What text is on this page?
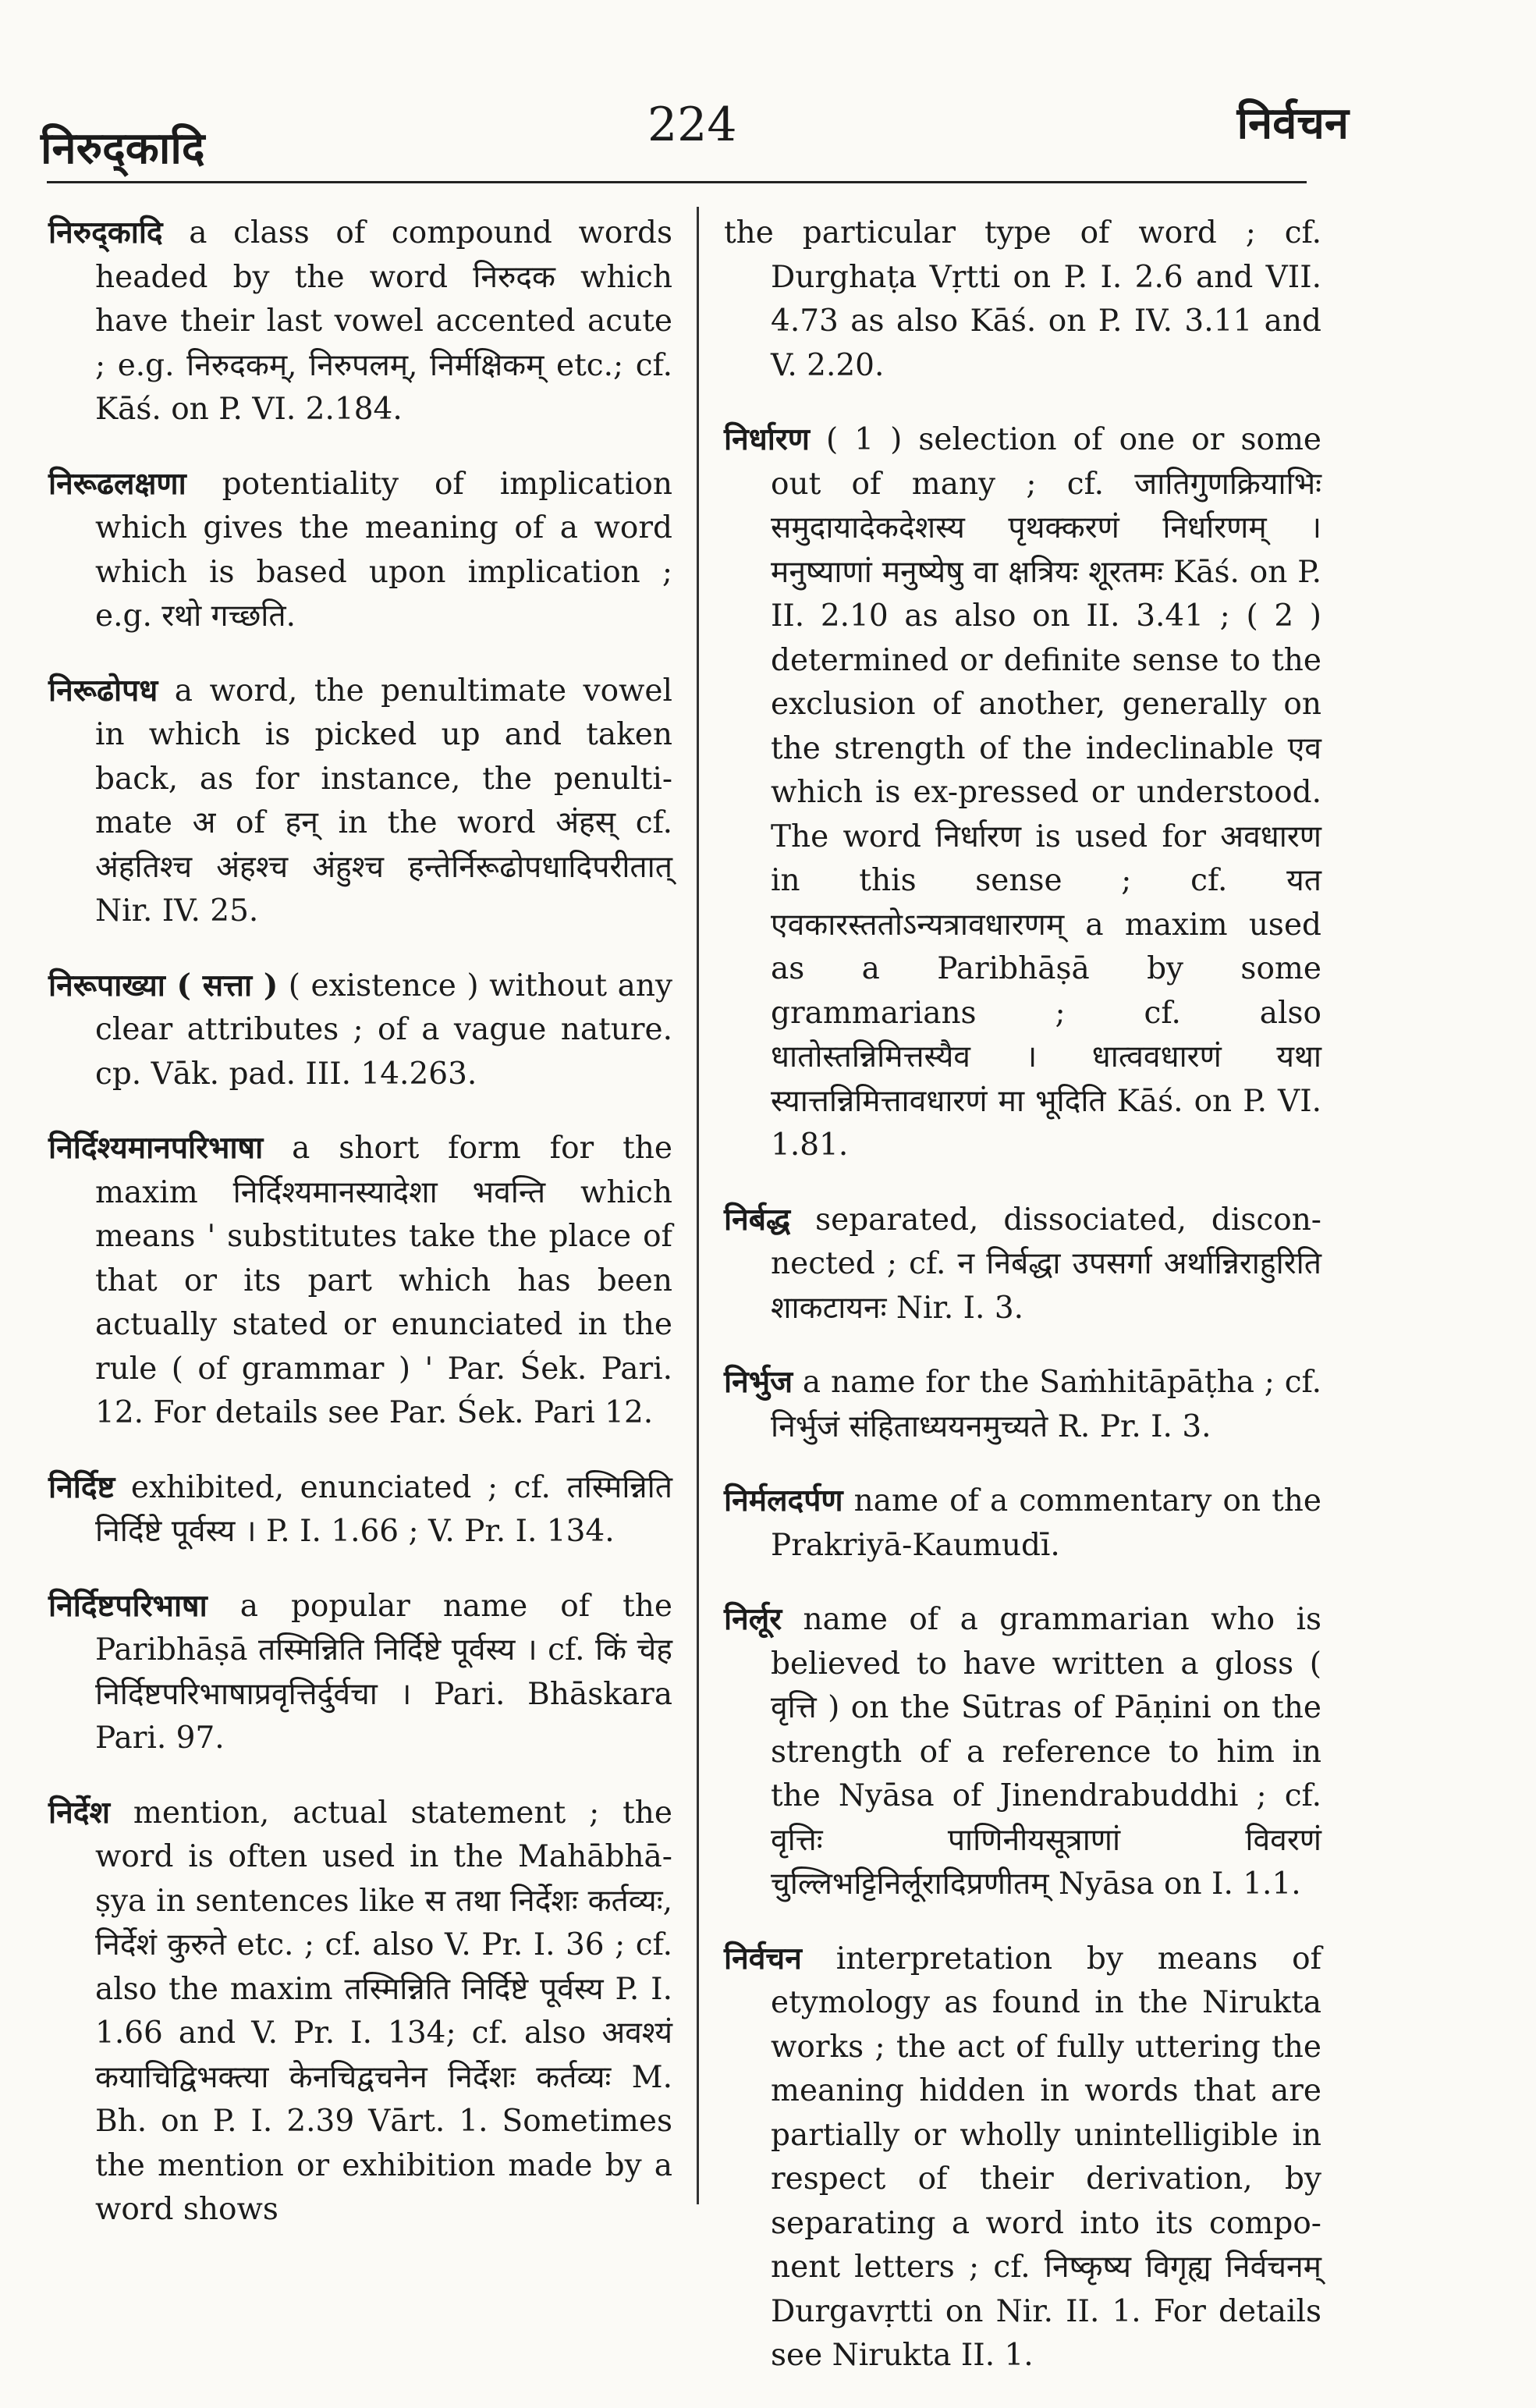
निरुद्कादि	224	निर्वचन

निरुद्कादि a class of compound words headed by the word निरुदक which have their last vowel accented acute ; e.g. निरुदकम्, निरुपलम्, निर्मक्षिकम् etc.; cf. Kāś. on P. VI. 2.184.

निरूढलक्षणा potentiality of implication which gives the meaning of a word which is based upon implication ; e.g. रथो गच्छति.

निरूढोपध a word, the penultimate vowel in which is picked up and taken back, as for instance, the penulti-mate अ of हन् in the word अंहस् cf. अंहतिश्च अंहश्च अंहुश्च हन्तेर्निरूढोपधादिपरीतात् Nir. IV. 25.

निरूपाख्या ( सत्ता ) ( existence ) without any clear attributes ; of a vague nature. cp. Vāk. pad. III. 14.263.

निर्दिश्यमानपरिभाषा a short form for the maxim निर्दिश्यमानस्यादेशा भवन्ति which means ' substitutes take the place of that or its part which has been actually stated or enunciated in the rule ( of grammar ) ' Par. Śek. Pari. 12. For details see Par. Śek. Pari 12.

निर्दिष्ट exhibited, enunciated ; cf. तस्मिन्निति निर्दिष्टे पूर्वस्य । P. I. 1.66 ; V. Pr. I. 134.

निर्दिष्टपरिभाषा a popular name of the Paribhāṣā तस्मिन्निति निर्दिष्टे पूर्वस्य । cf. किं चेह निर्दिष्टपरिभाषाप्रवृत्तिर्दुर्वचा । Pari. Bhāskara Pari. 97.

निर्देश mention, actual statement ; the word is often used in the Mahābhā-ṣya in sentences like स तथा निर्देशः कर्तव्यः, निर्देशं कुरुते etc. ; cf. also V. Pr. I. 36 ; cf. also the maxim तस्मिन्निति निर्दिष्टे पूर्वस्य P. I. 1.66 and V. Pr. I. 134; cf. also अवश्यं कयाचिद्विभक्त्या केनचिद्वचनेन निर्देशः कर्तव्यः M. Bh. on P. I. 2.39 Vārt. 1. Sometimes the mention or exhibition made by a word shows

the particular type of word ; cf. Durghaṭa Vṛtti on P. I. 2.6 and VII. 4.73 as also Kāś. on P. IV. 3.11 and V. 2.20.

निर्धारण ( 1 ) selection of one or some out of many ; cf. जातिगुणक्रियाभिः समुदायादेकदेशस्य पृथक्करणं निर्धारणम् । मनुष्याणां मनुष्येषु वा क्षत्रियः शूरतमः Kāś. on P. II. 2.10 as also on II. 3.41 ; ( 2 ) determined or definite sense to the exclusion of another, generally on the strength of the indeclinable एव which is ex-pressed or understood. The word निर्धारण is used for अवधारण in this sense ; cf. यत एवकारस्ततोऽन्यत्रावधारणम् a maxim used as a Paribhāṣā by some grammarians ; cf. also धातोस्तन्निमित्तस्यैव । धात्ववधारणं यथा स्यात्तन्निमित्तावधारणं मा भूदिति Kāś. on P. VI. 1.81.

निर्बद्ध separated, dissociated, discon-nected ; cf. न निर्बद्धा उपसर्गा अर्थान्निराहुरिति शाकटायनः Nir. I. 3.

निर्भुज a name for the Saṁhitāpāṭha ; cf. निर्भुजं संहिताध्ययनमुच्यते R. Pr. I. 3.

निर्मलदर्पण name of a commentary on the Prakriyā-Kaumudī.

निर्लूर name of a grammarian who is believed to have written a gloss ( वृत्ति ) on the Sūtras of Pāṇini on the strength of a reference to him in the Nyāsa of Jinendrabuddhi ; cf. वृत्तिः पाणिनीयसूत्राणां विवरणं चुल्लिभट्टिनिर्लूरादिप्रणीतम् Nyāsa on I. 1.1.

निर्वचन interpretation by means of etymology as found in the Nirukta works ; the act of fully uttering the meaning hidden in words that are partially or wholly unintelligible in respect of their derivation, by separating a word into its compo-nent letters ; cf. निष्कृष्य विगृह्य निर्वचनम् Durgavṛtti on Nir. II. 1. For details see Nirukta II. 1.
